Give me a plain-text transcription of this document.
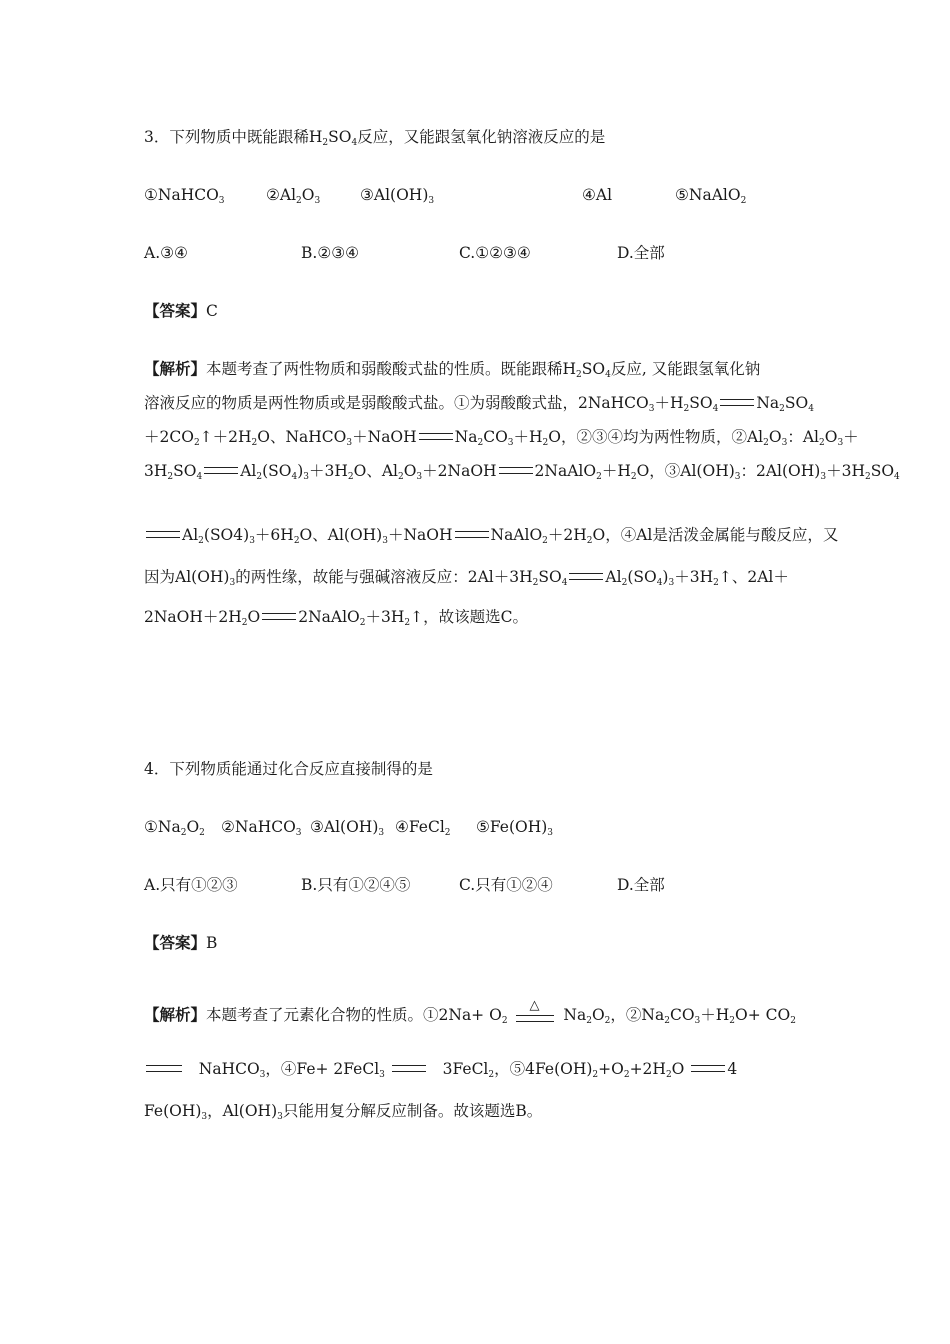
3．下列物质中既能跟稀$H_2SO_4$反应，又能跟氢氧化钠溶液反应的是
①NaHCO$_3$	$②Al_2O_3$	$③Al(OH)_3$	④Al	⑤NaAlO$_2$
A.③④	B.②③④	C.①②③④	D.全部
【答案】C
【解析】本题考查了两性物质和弱酸酸式盐的性质。既能跟稀$H_2SO_4$反应, 又能跟氢氧化钠
溶液反应的物质是两性物质或是弱酸酸式盐。①为弱酸酸式盐，$2NaHCO_3+H_2SO_4$ $Na_2SO_4$
$+2CO_2↑+2H_2O$、NaHCO$_3$＋NaOH $Na_2CO_3+H_2O$，②③④均为两性物质，$②Al_2O_3$：$Al_2O_3+$
$3H_2SO_4$ $Al_2(SO_4)_3+3H_2O$、$Al_2O_3+2NaOH$ $2NaAlO_2+H_2O$，$③Al(OH)_3$：$2Al(OH)_3+3H_2SO_4$
$Al_2(SO4)_3+6H_2O$、$Al(OH)_3+NaOH$ $NaAlO_2+2H_2O$，④Al是活泼金属能与酸反应，又
因为$Al(OH)_3$的两性缘，故能与强碱溶液反应：$2Al+3H_2SO_4$ $Al_2(SO_4)_3+3H_2↑$、2Al＋
$2NaOH+2H_2O$ $2NaAlO_2+3H_2↑$，故该题选C。
4．下列物质能通过化合反应直接制得的是
$①Na_2O_2$ ②NaHCO$_3$ $③Al(OH)_3$ ④FeCl$_2$ $⑤Fe(OH)_3$
A.只有①②③	B.只有①②④⑤	C.只有①②④	D.全部
【答案】B
【解析】本题考查了元素化合物的性质。①2Na+ $O_2$
△
$Na_2O_2$，$②Na_2CO_3+H_2O+ CO_2$
NaHCO$_3$，④Fe+ 2FeCl$_3$	3FeCl$_2$，$⑤4Fe(OH)_2+O_2+2H_2O$ 4
$Fe(OH)_3$，$Al(OH)_3$只能用复分解反应制备。故该题选B。
